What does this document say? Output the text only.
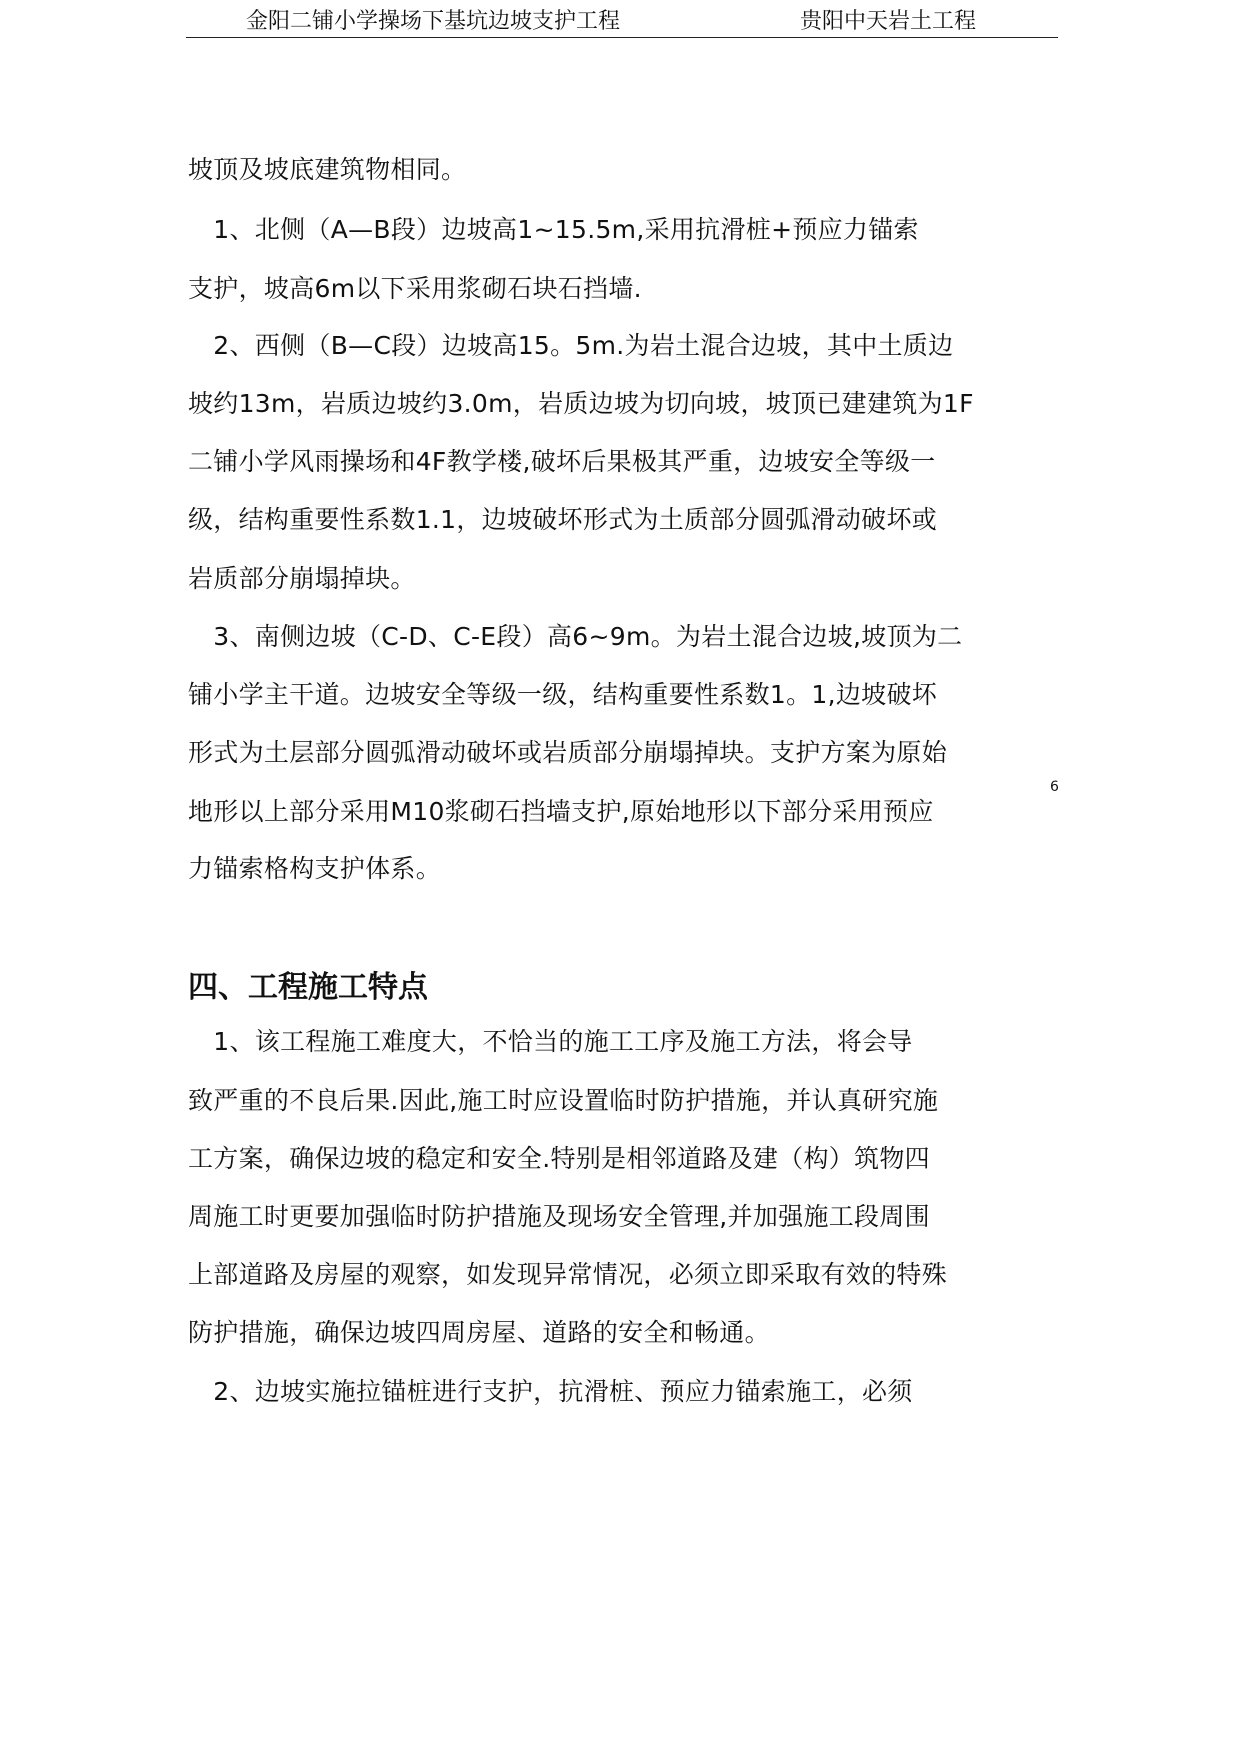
金阳二铺小学操场下基坑边坡支护工程	贵阳中天岩土工程
坡顶及坡底建筑物相同。
　1、北侧（A—B段）边坡高1~15.5m,采用抗滑桩+预应力锚索
支护，坡高6m以下采用浆砌石块石挡墙.
　2、西侧（B—C段）边坡高15。5m.为岩土混合边坡，其中土质边
坡约13m，岩质边坡约3.0m，岩质边坡为切向坡，坡顶已建建筑为1F
二铺小学风雨操场和4F教学楼,破坏后果极其严重，边坡安全等级一
级，结构重要性系数1.1，边坡破坏形式为土质部分圆弧滑动破坏或
岩质部分崩塌掉块。
　3、南侧边坡（C-D、C-E段）高6~9m。为岩土混合边坡,坡顶为二
铺小学主干道。边坡安全等级一级，结构重要性系数1。1,边坡破坏
形式为土层部分圆弧滑动破坏或岩质部分崩塌掉块。支护方案为原始
地形以上部分采用M10浆砌石挡墙支护,原始地形以下部分采用预应
6
力锚索格构支护体系。
四、工程施工特点
　1、该工程施工难度大，不恰当的施工工序及施工方法，将会导
致严重的不良后果.因此,施工时应设置临时防护措施，并认真研究施
工方案，确保边坡的稳定和安全.特别是相邻道路及建（构）筑物四
周施工时更要加强临时防护措施及现场安全管理,并加强施工段周围
上部道路及房屋的观察，如发现异常情况，必须立即采取有效的特殊
防护措施，确保边坡四周房屋、道路的安全和畅通。
　2、边坡实施拉锚桩进行支护，抗滑桩、预应力锚索施工，必须
